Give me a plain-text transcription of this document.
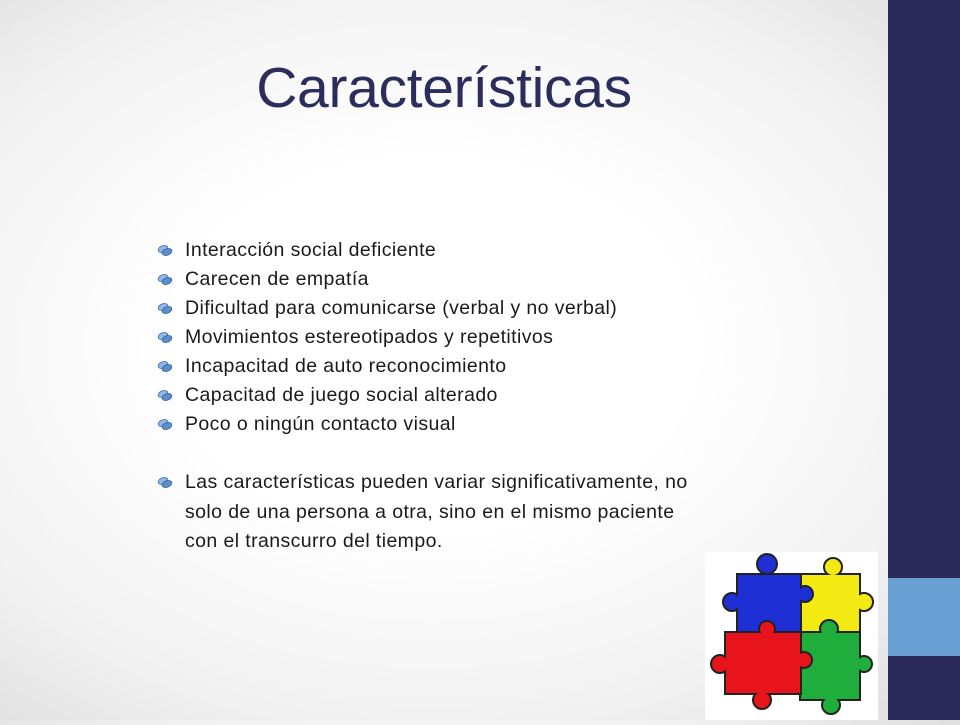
Características
Interacción social deficiente
Carecen de empatía
Dificultad para comunicarse (verbal y no verbal)
Movimientos estereotipados y repetitivos
Incapacitad de auto reconocimiento
Capacitad de juego social alterado
Poco o ningún contacto visual
Las características pueden variar significativamente, no
solo de una persona a otra, sino en el mismo paciente
con el transcurro del tiempo.
